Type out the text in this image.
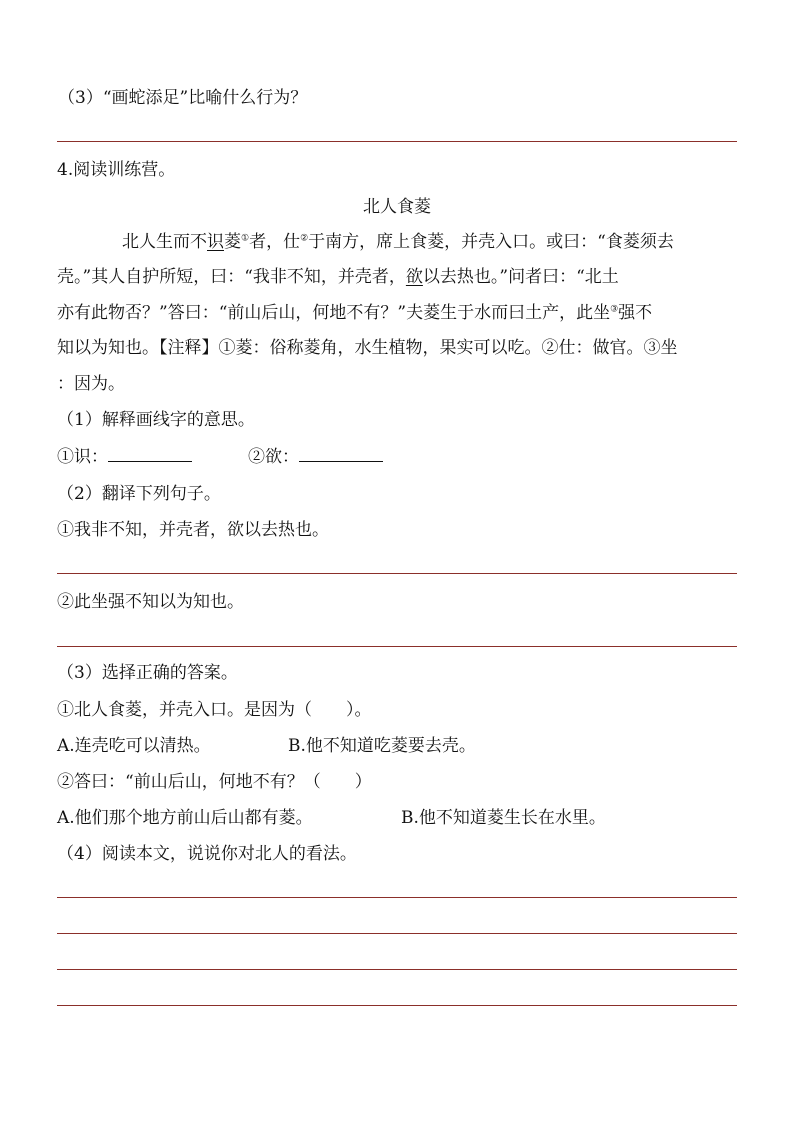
（3）“画蛇添足”比喻什么行为？
4.阅读训练营。
北人食菱
北人生而不识菱①者，仕②于南方，席上食菱，并壳入口。或曰：“食菱须去
壳。”其人自护所短，曰：“我非不知，并壳者，欲以去热也。”问者曰：“北土
亦有此物否？”答曰：“前山后山，何地不有？”夫菱生于水而曰土产，此坐③强不
知以为知也。【注释】①菱：俗称菱角，水生植物，果实可以吃。②仕：做官。③坐
：因为。
（1）解释画线字的意思。
①识：	②欲：
（2）翻译下列句子。
①我非不知，并壳者，欲以去热也。
②此坐强不知以为知也。
（3）选择正确的答案。
①北人食菱，并壳入口。是因为（　　）。
A.连壳吃可以清热。	B.他不知道吃菱要去壳。
②答曰：“前山后山，何地不有？（　　）
A.他们那个地方前山后山都有菱。	B.他不知道菱生长在水里。
（4）阅读本文，说说你对北人的看法。
